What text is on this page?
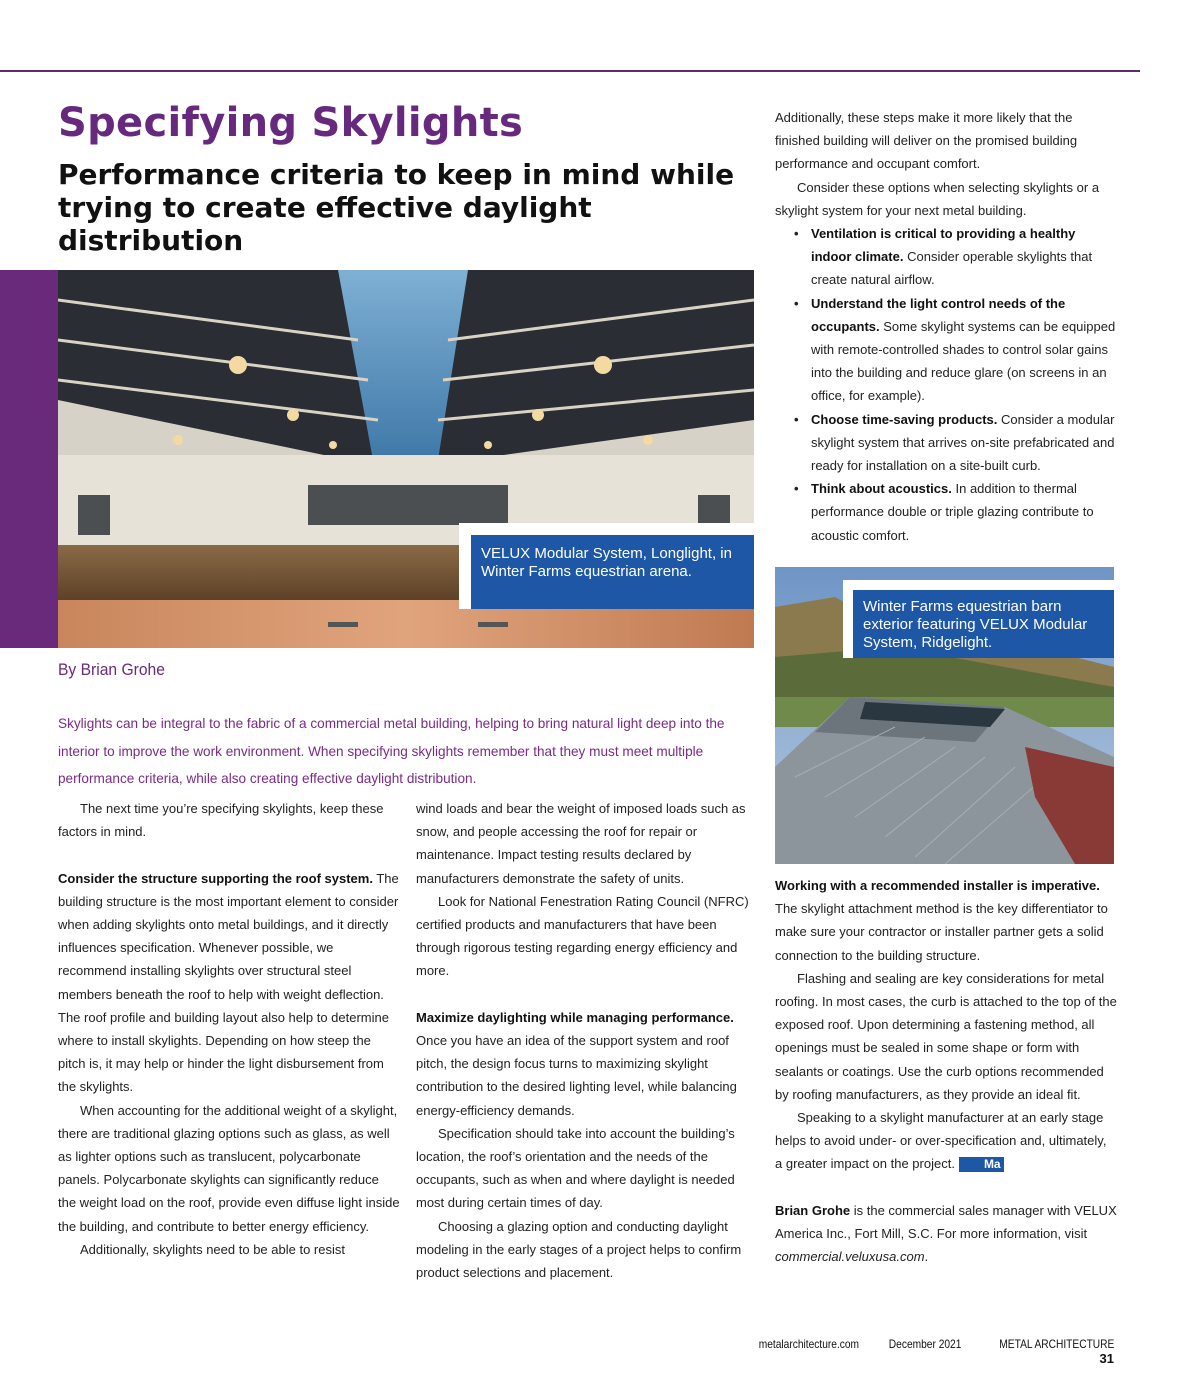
Specifying Skylights
Performance criteria to keep in mind while trying to create effective daylight distribution
VELUX Modular System, Longlight, in Winter Farms equestrian arena.
Winter Farms equestrian barn exterior featuring VELUX Modular System, Ridgelight.
By Brian Grohe

Skylights can be integral to the fabric of a commercial metal building, helping to bring natural light deep into the interior to improve the work environment. When specifying skylights remember that they must meet multiple performance criteria, while also creating effective daylight distribution.

The next time you’re specifying skylights, keep these factors in mind.

Consider the structure supporting the roof system. The building structure is the most important element to consider when adding skylights onto metal buildings, and it directly influences specification. Whenever possible, we recommend installing skylights over structural steel members beneath the roof to help with weight deflection. The roof profile and building layout also help to determine where to install skylights. Depending on how steep the pitch is, it may help or hinder the light disbursement from the skylights.

When accounting for the additional weight of a skylight, there are traditional glazing options such as glass, as well as lighter options such as translucent, polycarbonate panels. Polycarbonate skylights can significantly reduce the weight load on the roof, provide even diffuse light inside the building, and contribute to better energy efficiency.

Additionally, skylights need to be able to resist

wind loads and bear the weight of imposed loads such as snow, and people accessing the roof for repair or maintenance. Impact testing results declared by manufacturers demonstrate the safety of units.

Look for National Fenestration Rating Council (NFRC) certified products and manufacturers that have been through rigorous testing regarding energy efficiency and more.

Maximize daylighting while managing performance. Once you have an idea of the support system and roof pitch, the design focus turns to maximizing skylight contribution to the desired lighting level, while balancing energy-efficiency demands.

Specification should take into account the building’s location, the roof’s orientation and the needs of the occupants, such as when and where daylight is needed most during certain times of day.

Choosing a glazing option and conducting daylight modeling in the early stages of a project helps to confirm product selections and placement.

Additionally, these steps make it more likely that the finished building will deliver on the promised building performance and occupant comfort.

Consider these options when selecting skylights or a skylight system for your next metal building.

• Ventilation is critical to providing a healthy indoor climate. Consider operable skylights that create natural airflow.
• Understand the light control needs of the occupants. Some skylight systems can be equipped with remote-controlled shades to control solar gains into the building and reduce glare (on screens in an office, for example).
• Choose time-saving products. Consider a modular skylight system that arrives on-site prefabricated and ready for installation on a site-built curb.
• Think about acoustics. In addition to thermal performance double or triple glazing contribute to acoustic comfort.

Working with a recommended installer is imperative. The skylight attachment method is the key differentiator to make sure your contractor or installer partner gets a solid connection to the building structure.

Flashing and sealing are key considerations for metal roofing. In most cases, the curb is attached to the top of the exposed roof. Upon determining a fastening method, all openings must be sealed in some shape or form with sealants or coatings. Use the curb options recommended by roofing manufacturers, as they provide an ideal fit.

Speaking to a skylight manufacturer at an early stage helps to avoid under- or over-specification and, ultimately, a greater impact on the project. Ma

Brian Grohe is the commercial sales manager with VELUX America Inc., Fort Mill, S.C. For more information, visit commercial.veluxusa.com.

metalarchitecture.com	December 2021	METAL ARCHITECTURE 31
